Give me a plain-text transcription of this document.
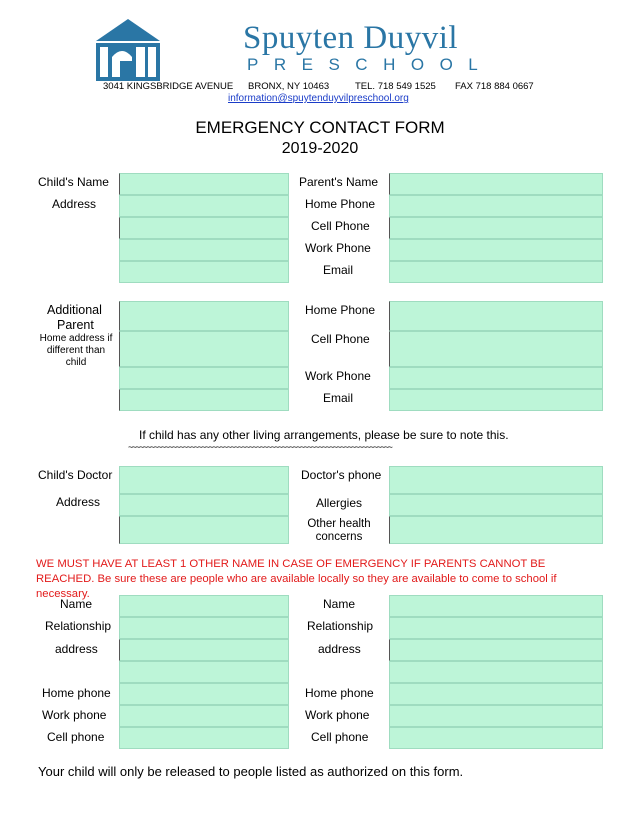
Spuyten Duyvil
PRESCHOOL
3041 KINGSBRIDGE AVENUE BRONX, NY 10463	TEL. 718 549 1525 FAX 718 884 0667
information@spuytenduyvilpreschool.org
EMERGENCY CONTACT FORM
2019-2020
Child's Name
Address
Parent's Name
Home Phone
Cell Phone
Work Phone
Email
Additional
Parent
Home address if different than child
Home Phone
Cell Phone
Work Phone
Email
If child has any other living arrangements, please be sure to note this.
~~~~~~~~~~~~~~~~~~~~~~~~~~~~~~~~~~~~~~~~~~~~~~~~~~~~~~~~~~~~~~~~~~~~~~~~
Child's Doctor
Address
Doctor's phone
Allergies
Other health concerns
WE MUST HAVE AT LEAST 1 OTHER NAME IN CASE OF EMERGENCY IF PARENTS CANNOT BE REACHED. Be sure these are people who are available locally so they are available to come to school if necessary.
Name
Relationship
address
Home phone
Work phone
Cell phone
Name
Relationship
address
Home phone
Work phone
Cell phone
Your child will only be released to people listed as authorized on this form.
